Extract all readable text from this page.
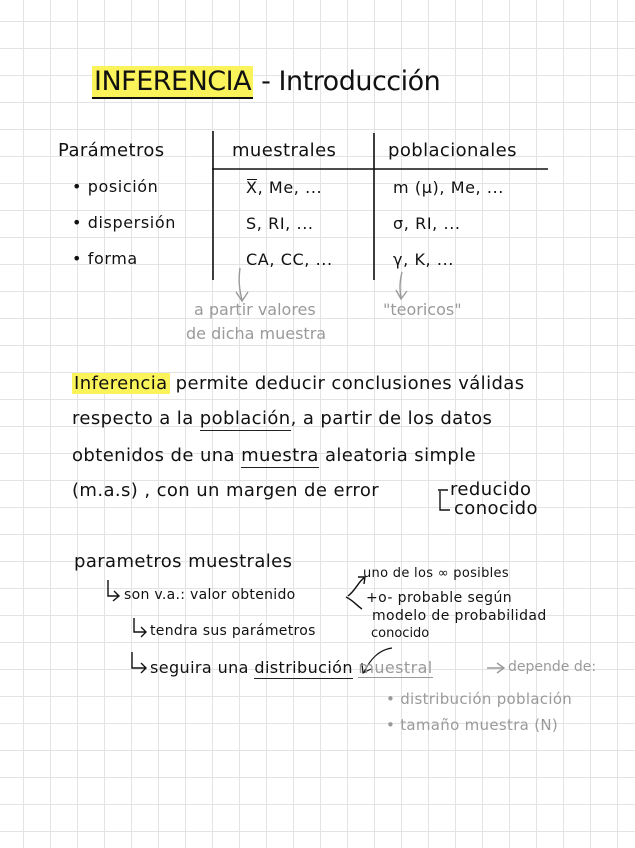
INFERENCIA - Introducción
Parámetros	muestrales	poblacionales
• posición	X, Me, ...	m (μ), Me, ...
• dispersión	S, RI, ...	σ, RI, ...
• forma	CA, CC, ...	γ, K, ...
a partir valores
de dicha muestra
"teoricos"
Inferencia permite deducir conclusiones válidas
respecto a la población, a partir de los datos
obtenidos de una muestra aleatoria simple
(m.a.s) , con un margen de error	reducido
conocido
parametros muestrales
son v.a.: valor obtenido
uno de los ∞ posibles
+o- probable según
modelo de probabilidad
conocido
tendra sus parámetros
seguira una distribución muestral	depende de:
• distribución población
• tamaño muestra (N)
